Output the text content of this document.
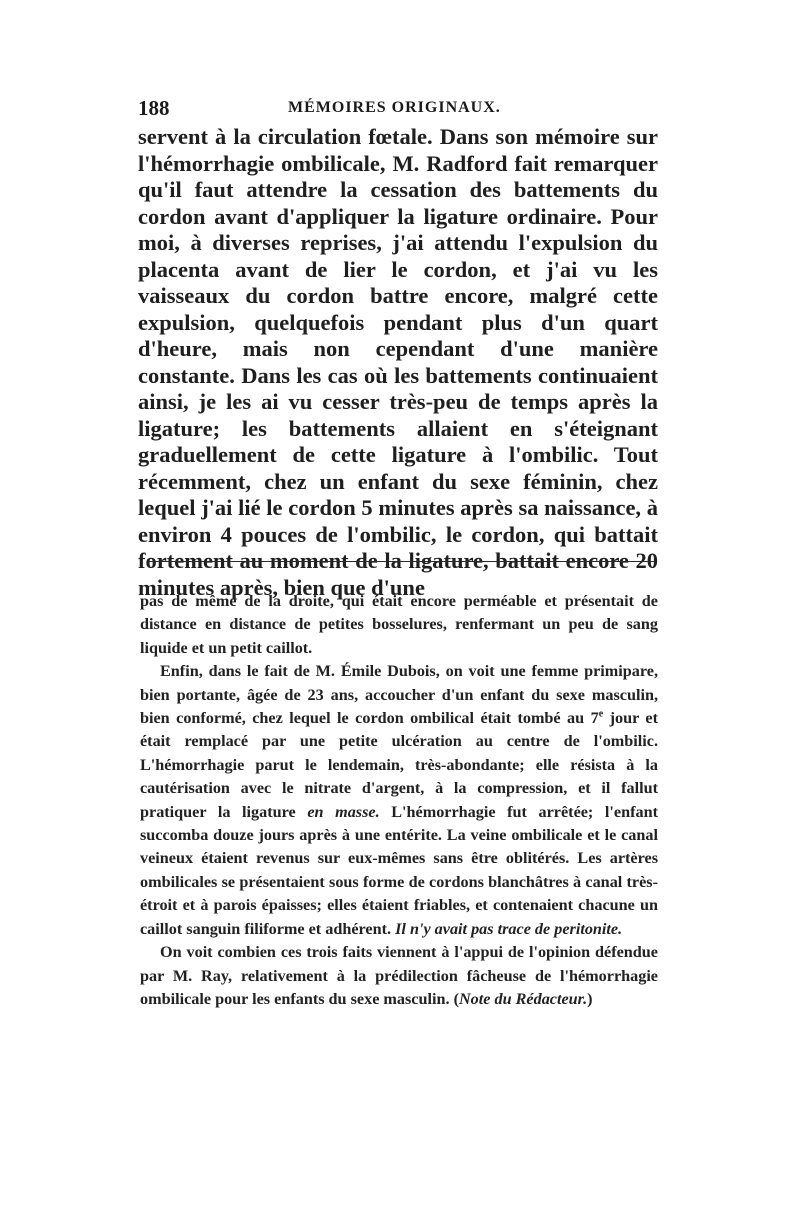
188	MÉMOIRES ORIGINAUX.

servent à la circulation fœtale. Dans son mémoire sur l'hémorrhagie ombilicale, M. Radford fait remarquer qu'il faut attendre la cessation des battements du cordon avant d'appliquer la ligature ordinaire. Pour moi, à diverses reprises, j'ai attendu l'expulsion du placenta avant de lier le cordon, et j'ai vu les vaisseaux du cordon battre encore, malgré cette expulsion, quelquefois pendant plus d'un quart d'heure, mais non cependant d'une manière constante. Dans les cas où les battements continuaient ainsi, je les ai vu cesser très-peu de temps après la ligature; les battements allaient en s'éteignant graduellement de cette ligature à l'ombilic. Tout récemment, chez un enfant du sexe féminin, chez lequel j'ai lié le cordon 5 minutes après sa naissance, à environ 4 pouces de l'ombilic, le cordon, qui battait fortement au moment de la ligature, battait encore 20 minutes après, bien que d'une

pas de même de la droite, qui était encore perméable et présentait de distance en distance de petites bosselures, renfermant un peu de sang liquide et un petit caillot.

Enfin, dans le fait de M. Émile Dubois, on voit une femme primipare, bien portante, âgée de 23 ans, accoucher d'un enfant du sexe masculin, bien conformé, chez lequel le cordon ombilical était tombé au 7e jour et était remplacé par une petite ulcération au centre de l'ombilic. L'hémorrhagie parut le lendemain, très-abondante; elle résista à la cautérisation avec le nitrate d'argent, à la compression, et il fallut pratiquer la ligature en masse. L'hémorrhagie fut arrêtée; l'enfant succomba douze jours après à une entérite. La veine ombilicale et le canal veineux étaient revenus sur eux-mêmes sans être oblitérés. Les artères ombilicales se présentaient sous forme de cordons blanchâtres à canal très-étroit et à parois épaisses; elles étaient friables, et contenaient chacune un caillot sanguin filiforme et adhérent. Il n'y avait pas trace de peritonite.

On voit combien ces trois faits viennent à l'appui de l'opinion défendue par M. Ray, relativement à la prédilection fâcheuse de l'hémorrhagie ombilicale pour les enfants du sexe masculin. (Note du Rédacteur.)
